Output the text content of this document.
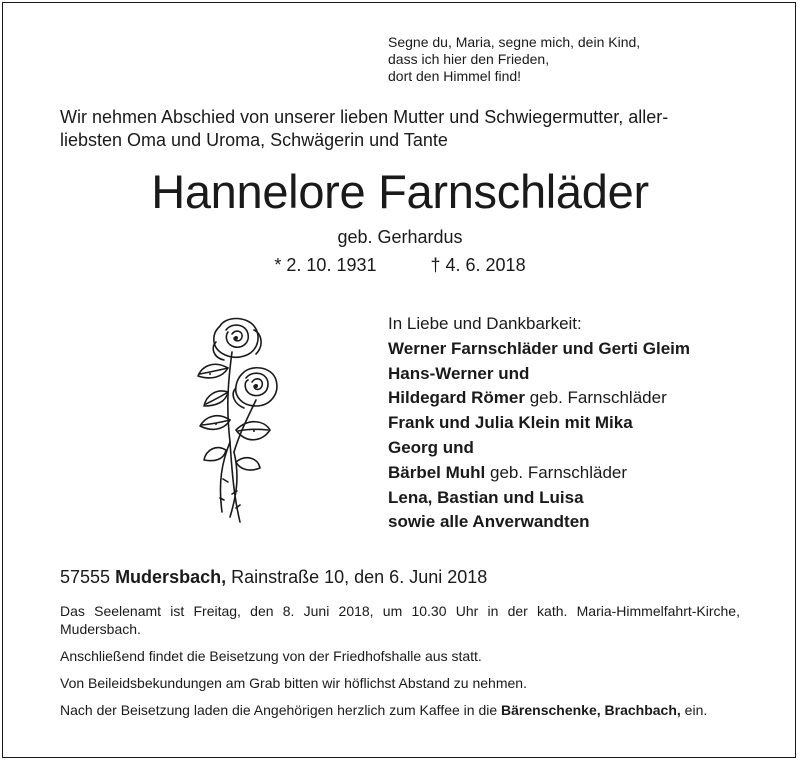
Segne du, Maria, segne mich, dein Kind,
dass ich hier den Frieden,
dort den Himmel find!
Wir nehmen Abschied von unserer lieben Mutter und Schwiegermutter, aller-
liebsten Oma und Uroma, Schwägerin und Tante
Hannelore Farnschläder
geb. Gerhardus
* 2. 10. 1931	† 4. 6. 2018
In Liebe und Dankbarkeit:
Werner Farnschläder und Gerti Gleim
Hans-Werner und
Hildegard Römer geb. Farnschläder
Frank und Julia Klein mit Mika
Georg und
Bärbel Muhl geb. Farnschläder
Lena, Bastian und Luisa
sowie alle Anverwandten
57555 Mudersbach, Rainstraße 10, den 6. Juni 2018

Das Seelenamt ist Freitag, den 8. Juni 2018, um 10.30 Uhr in der kath. Maria-Himmelfahrt-Kirche, Mudersbach.

Anschließend findet die Beisetzung von der Friedhofshalle aus statt.

Von Beileidsbekundungen am Grab bitten wir höflichst Abstand zu nehmen.

Nach der Beisetzung laden die Angehörigen herzlich zum Kaffee in die Bärenschenke, Brachbach, ein.
